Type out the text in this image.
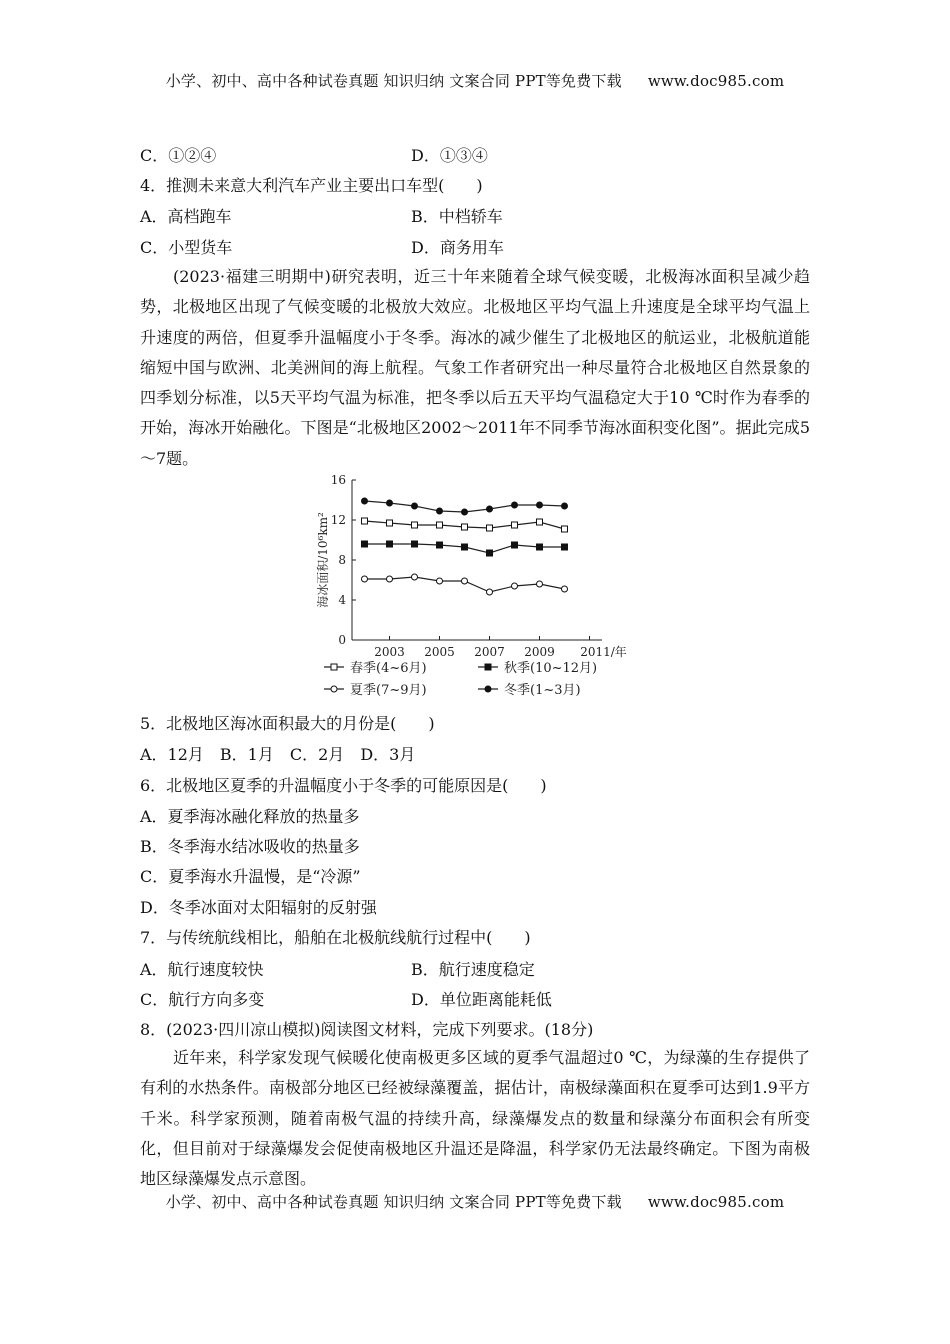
小学、初中、高中各种试卷真题 知识归纳 文案合同 PPT等免费下载 www.doc985.com
C．①②④	D．①③④
4．推测未来意大利汽车产业主要出口车型(　　)
A．高档跑车	B．中档轿车
C．小型货车	D．商务用车
(2023·福建三明期中)研究表明，近三十年来随着全球气候变暖，北极海冰面积呈减少趋势，北极地区出现了气候变暖的北极放大效应。北极地区平均气温上升速度是全球平均气温上升速度的两倍，但夏季升温幅度小于冬季。海冰的减少催生了北极地区的航运业，北极航道能缩短中国与欧洲、北美洲间的海上航程。气象工作者研究出一种尽量符合北极地区自然景象的四季划分标准，以5天平均气温为标准，把冬季以后五天平均气温稳定大于10 ℃时作为春季的开始，海冰开始融化。下图是“北极地区2002～2011年不同季节海冰面积变化图”。据此完成5～7题。
0
4
8
12
16
2003 2005 2007 2009 2011/年
海冰面积/10⁶km²
春季(4~6月)	秋季(10~12月)
夏季(7~9月)	冬季(1~3月)
5．北极地区海冰面积最大的月份是(　　)
A．12月 B．1月 C．2月 D．3月
6．北极地区夏季的升温幅度小于冬季的可能原因是(　　)
A．夏季海冰融化释放的热量多
B．冬季海水结冰吸收的热量多
C．夏季海水升温慢，是“冷源”
D．冬季冰面对太阳辐射的反射强
7．与传统航线相比，船舶在北极航线航行过程中(　　)
A．航行速度较快	B．航行速度稳定
C．航行方向多变	D．单位距离能耗低
8．(2023·四川凉山模拟)阅读图文材料，完成下列要求。(18分)
近年来，科学家发现气候暖化使南极更多区域的夏季气温超过0 ℃，为绿藻的生存提供了有利的水热条件。南极部分地区已经被绿藻覆盖，据估计，南极绿藻面积在夏季可达到1.9平方千米。科学家预测，随着南极气温的持续升高，绿藻爆发点的数量和绿藻分布面积会有所变化，但目前对于绿藻爆发会促使南极地区升温还是降温，科学家仍无法最终确定。下图为南极地区绿藻爆发点示意图。
小学、初中、高中各种试卷真题 知识归纳 文案合同 PPT等免费下载 www.doc985.com
